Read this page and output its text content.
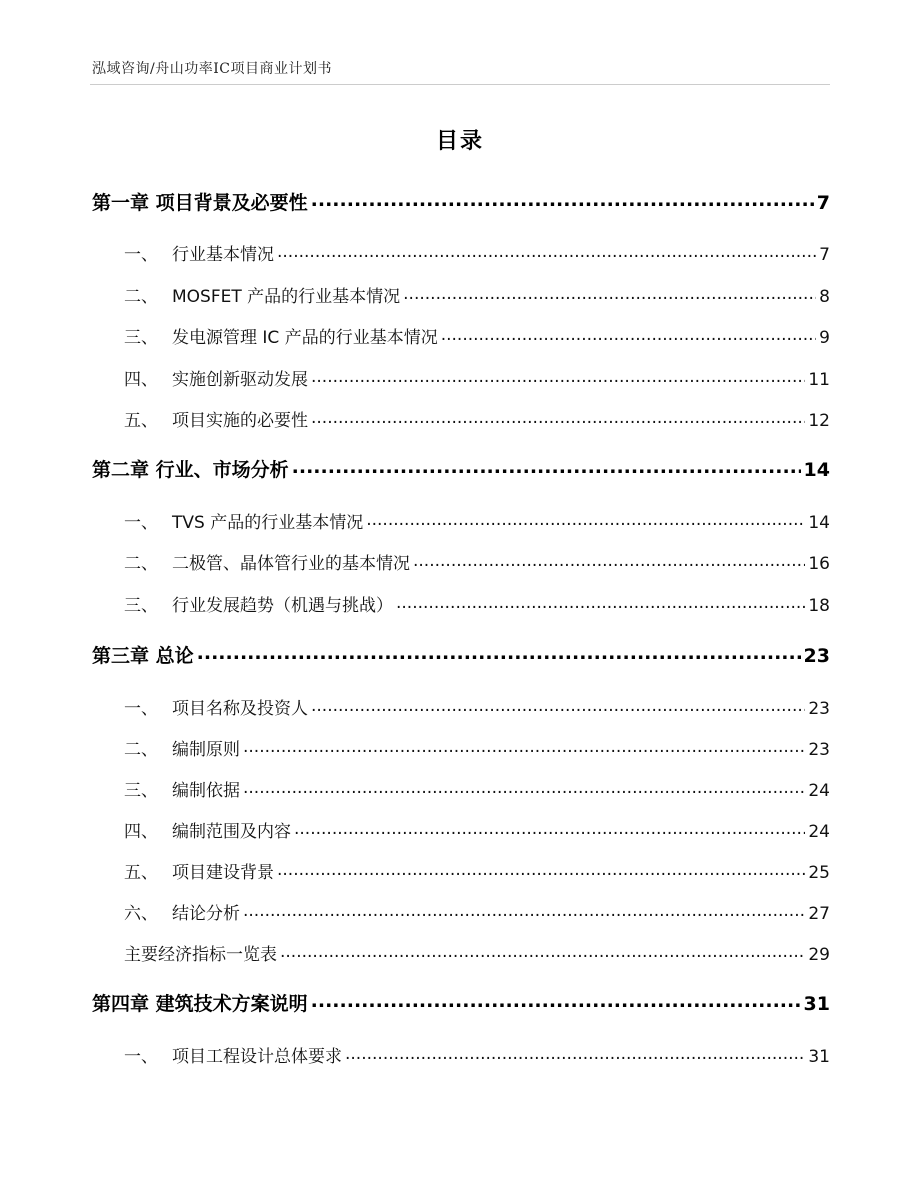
泓域咨询/舟山功率IC项目商业计划书
目录
第一章 项目背景及必要性 .....	7
一、 行业基本情况 .....	7
二、 MOSFET 产品的行业基本情况 .....	8
三、 发电源管理 IC 产品的行业基本情况 .....	9
四、 实施创新驱动发展 .....	11
五、 项目实施的必要性 .....	12
第二章 行业、市场分析 .....	14
一、 TVS 产品的行业基本情况 .....	14
二、 二极管、晶体管行业的基本情况 .....	16
三、 行业发展趋势（机遇与挑战） .....	18
第三章 总论 .....	23
一、 项目名称及投资人 .....	23
二、 编制原则 .....	23
三、 编制依据 .....	24
四、 编制范围及内容 .....	24
五、 项目建设背景 .....	25
六、 结论分析 .....	27
主要经济指标一览表 .....	29
第四章 建筑技术方案说明 .....	31
一、 项目工程设计总体要求 .....	31
